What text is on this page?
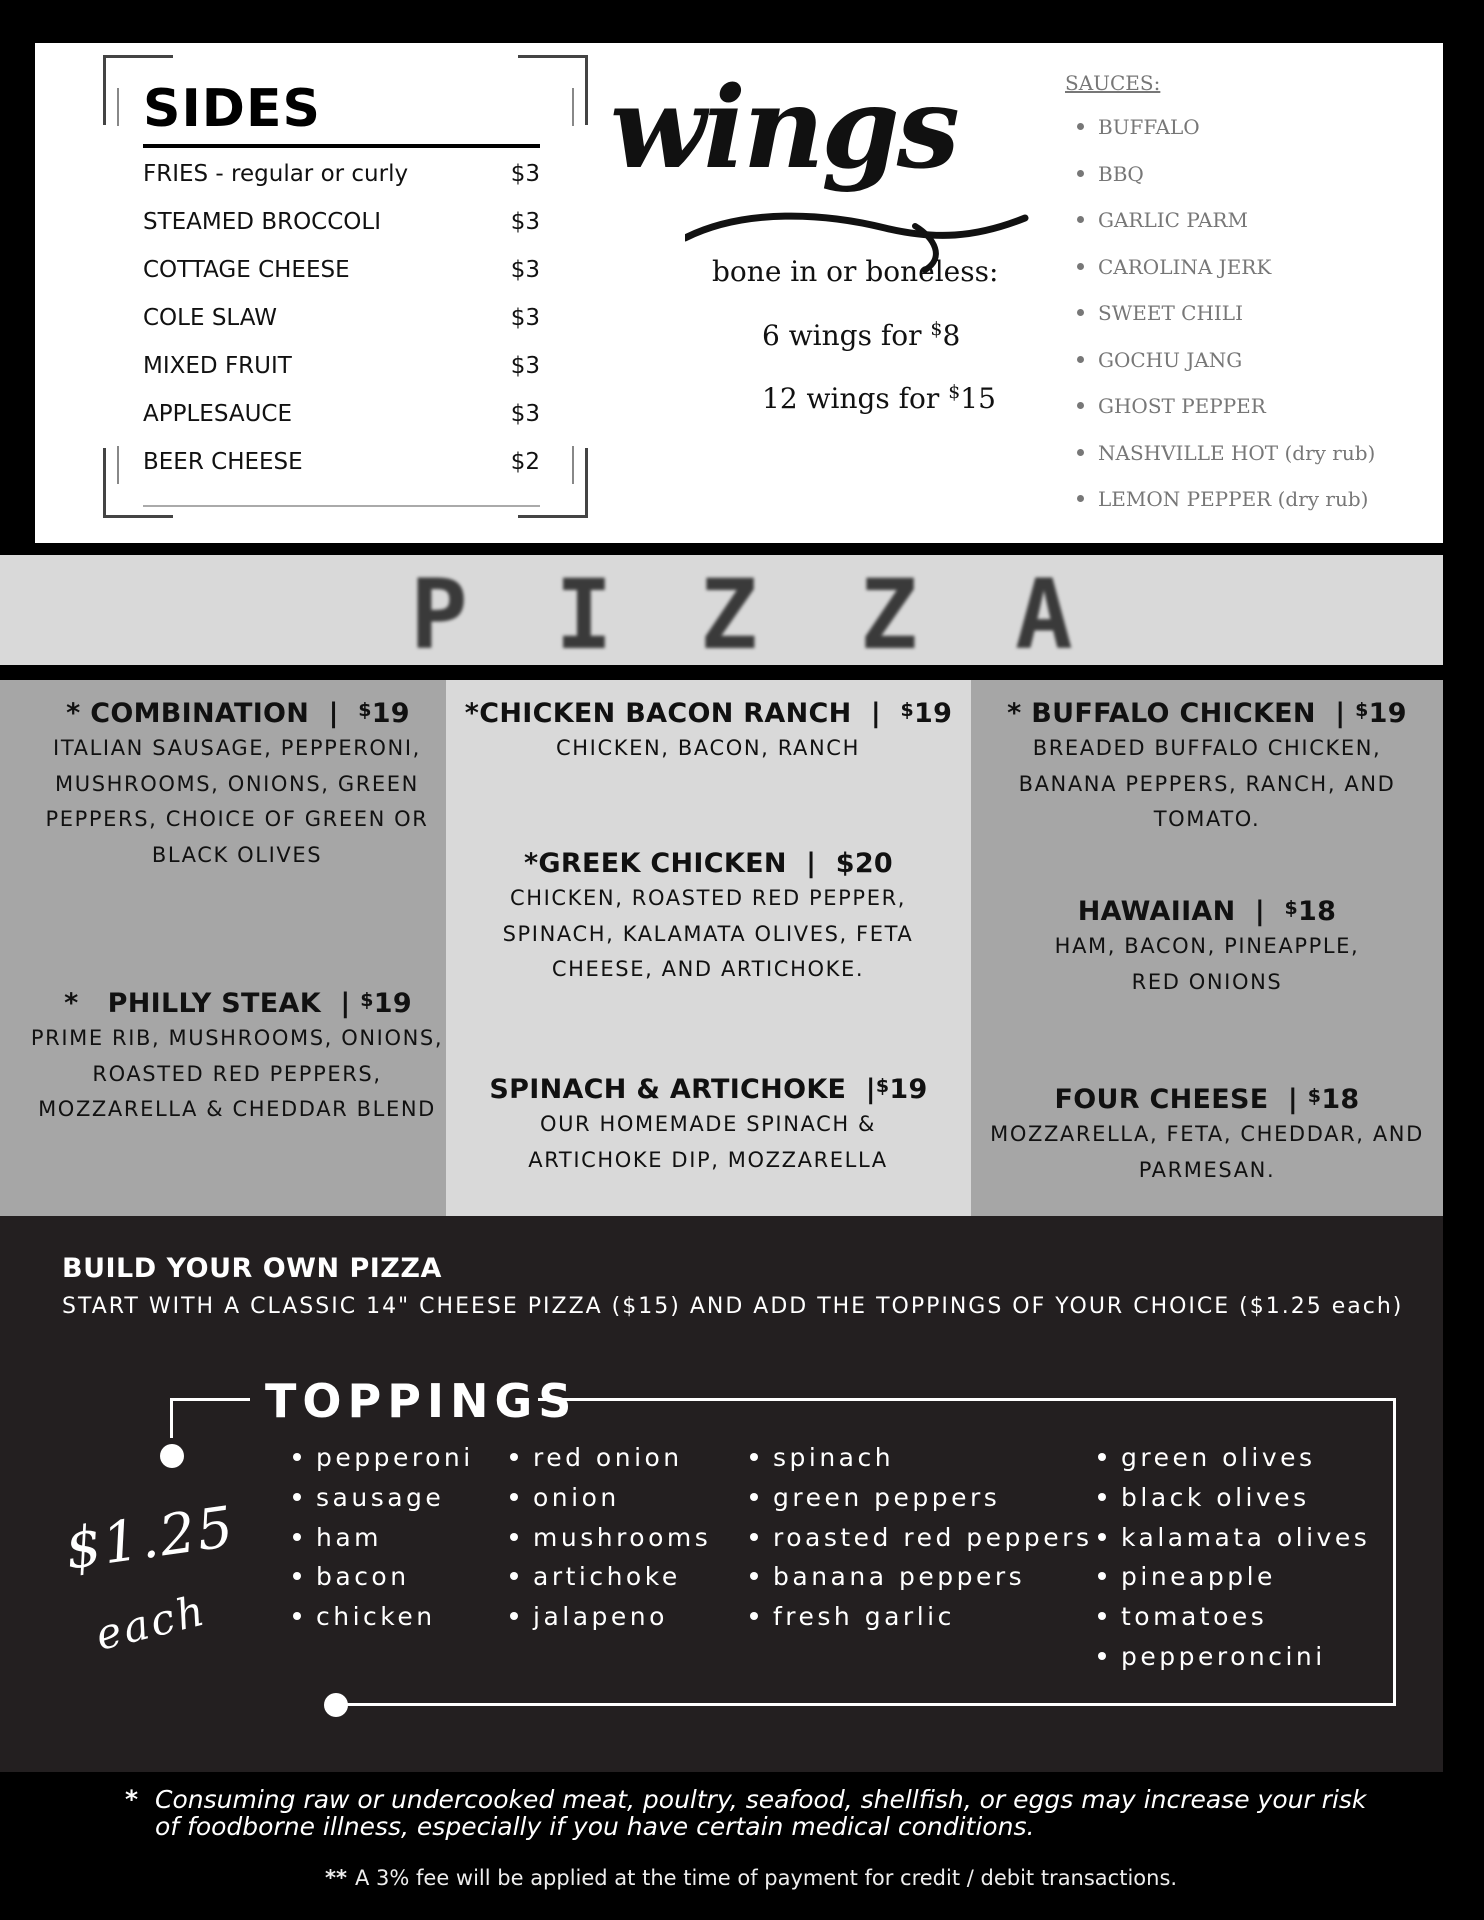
SIDES
FRIES - regular or curly	$3
STEAMED BROCCOLI	$3
COTTAGE CHEESE	$3
COLE SLAW	$3
MIXED FRUIT	$3
APPLESAUCE	$3
BEER CHEESE	$2
wings
bone in or boneless:
6 wings for $8
12 wings for $15
SAUCES:
BUFFALO
BBQ
GARLIC PARM
CAROLINA JERK
SWEET CHILI
GOCHU JANG
GHOST PEPPER
NASHVILLE HOT (dry rub)
LEMON PEPPER (dry rub)
P I Z Z A
* COMBINATION | $19
ITALIAN SAUSAGE, PEPPERONI, MUSHROOMS, ONIONS, GREEN PEPPERS, CHOICE OF GREEN OR BLACK OLIVES
* PHILLY STEAK | $19
PRIME RIB, MUSHROOMS, ONIONS, ROASTED RED PEPPERS, MOZZARELLA & CHEDDAR BLEND
*CHICKEN BACON RANCH | $19
CHICKEN, BACON, RANCH
*GREEK CHICKEN | $20
CHICKEN, ROASTED RED PEPPER, SPINACH, KALAMATA OLIVES, FETA CHEESE, AND ARTICHOKE.
SPINACH & ARTICHOKE |$19
OUR HOMEMADE SPINACH & ARTICHOKE DIP, MOZZARELLA
* BUFFALO CHICKEN | $19
BREADED BUFFALO CHICKEN, BANANA PEPPERS, RANCH, AND TOMATO.
HAWAIIAN | $18
HAM, BACON, PINEAPPLE, RED ONIONS
FOUR CHEESE | $18
MOZZARELLA, FETA, CHEDDAR, AND PARMESAN.
BUILD YOUR OWN PIZZA
START WITH A CLASSIC 14" CHEESE PIZZA ($15) AND ADD THE TOPPINGS OF YOUR CHOICE ($1.25 each)
TOPPINGS
$1.25
each
pepperoni
sausage
ham
bacon
chicken
red onion
onion
mushrooms
artichoke
jalapeno
spinach
green peppers
roasted red peppers
banana peppers
fresh garlic
green olives
black olives
kalamata olives
pineapple
tomatoes
pepperoncini
* Consuming raw or undercooked meat, poultry, seafood, shellfish, or eggs may increase your risk of foodborne illness, especially if you have certain medical conditions.
** A 3% fee will be applied at the time of payment for credit / debit transactions.
